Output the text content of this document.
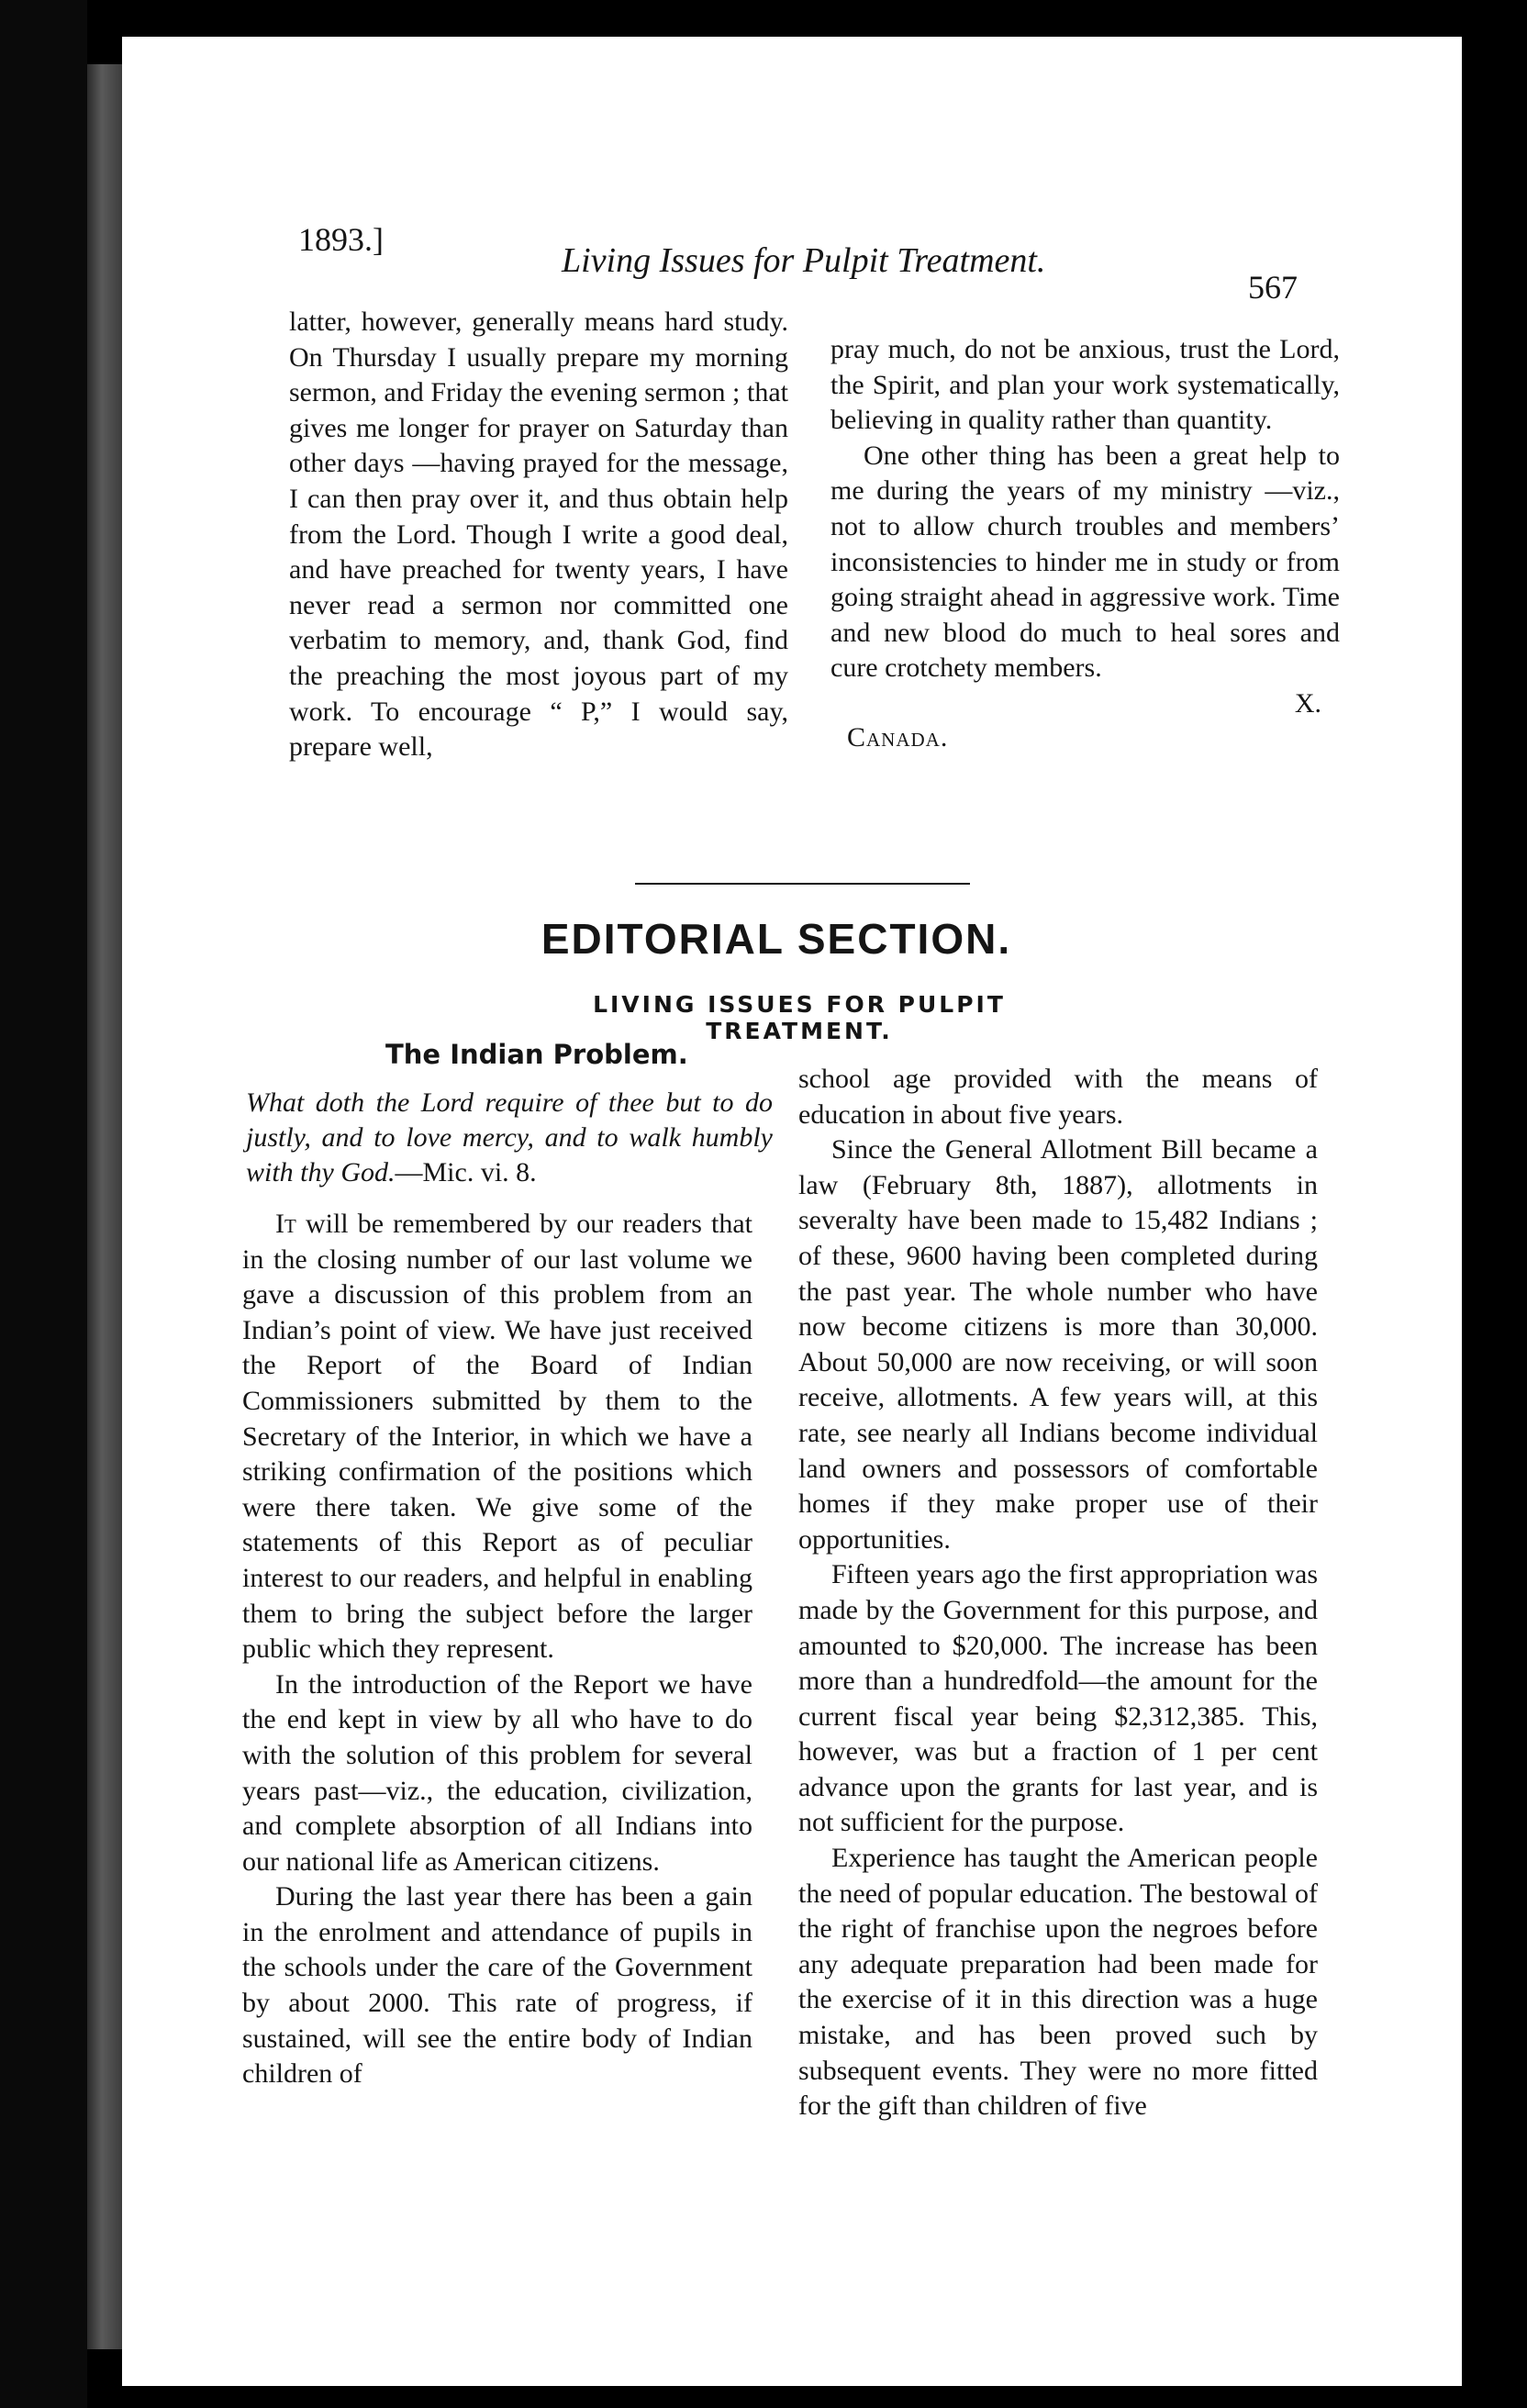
1893.]
Living Issues for Pulpit Treatment.
567

latter, however, generally means hard study. On Thursday I usually prepare my morning sermon, and Friday the evening sermon ; that gives me longer for prayer on Saturday than other days —having prayed for the message, I can then pray over it, and thus obtain help from the Lord. Though I write a good deal, and have preached for twenty years, I have never read a sermon nor committed one verbatim to memory, and, thank God, find the preaching the most joyous part of my work. To encourage “ P,” I would say, prepare well,

pray much, do not be anxious, trust the Lord, the Spirit, and plan your work systematically, believing in quality rather than quantity.

One other thing has been a great help to me during the years of my ministry —viz., not to allow church troubles and members’ inconsistencies to hinder me in study or from going straight ahead in aggressive work. Time and new blood do much to heal sores and cure crotchety members.

X.
Canada.
EDITORIAL SECTION.
LIVING ISSUES FOR PULPIT TREATMENT.
The Indian Problem.
What doth the Lord require of thee but to do justly, and to love mercy, and to walk humbly with thy God.—Mic. vi. 8.

It will be remembered by our readers that in the closing number of our last volume we gave a discussion of this problem from an Indian’s point of view. We have just received the Report of the Board of Indian Commissioners submitted by them to the Secretary of the Interior, in which we have a striking confirmation of the positions which were there taken. We give some of the statements of this Report as of peculiar interest to our readers, and helpful in enabling them to bring the subject before the larger public which they represent.

In the introduction of the Report we have the end kept in view by all who have to do with the solution of this problem for several years past—viz., the education, civilization, and complete absorption of all Indians into our national life as American citizens.

During the last year there has been a gain in the enrolment and attendance of pupils in the schools under the care of the Government by about 2000. This rate of progress, if sustained, will see the entire body of Indian children of

school age provided with the means of education in about five years.

Since the General Allotment Bill became a law (February 8th, 1887), allotments in severalty have been made to 15,482 Indians ; of these, 9600 having been completed during the past year. The whole number who have now become citizens is more than 30,000. About 50,000 are now receiving, or will soon receive, allotments. A few years will, at this rate, see nearly all Indians become individual land owners and possessors of comfortable homes if they make proper use of their opportunities.

Fifteen years ago the first appropriation was made by the Government for this purpose, and amounted to $20,000. The increase has been more than a hundredfold—the amount for the current fiscal year being $2,312,385. This, however, was but a fraction of 1 per cent advance upon the grants for last year, and is not sufficient for the purpose.

Experience has taught the American people the need of popular education. The bestowal of the right of franchise upon the negroes before any adequate preparation had been made for the exercise of it in this direction was a huge mistake, and has been proved such by subsequent events. They were no more fitted for the gift than children of five
